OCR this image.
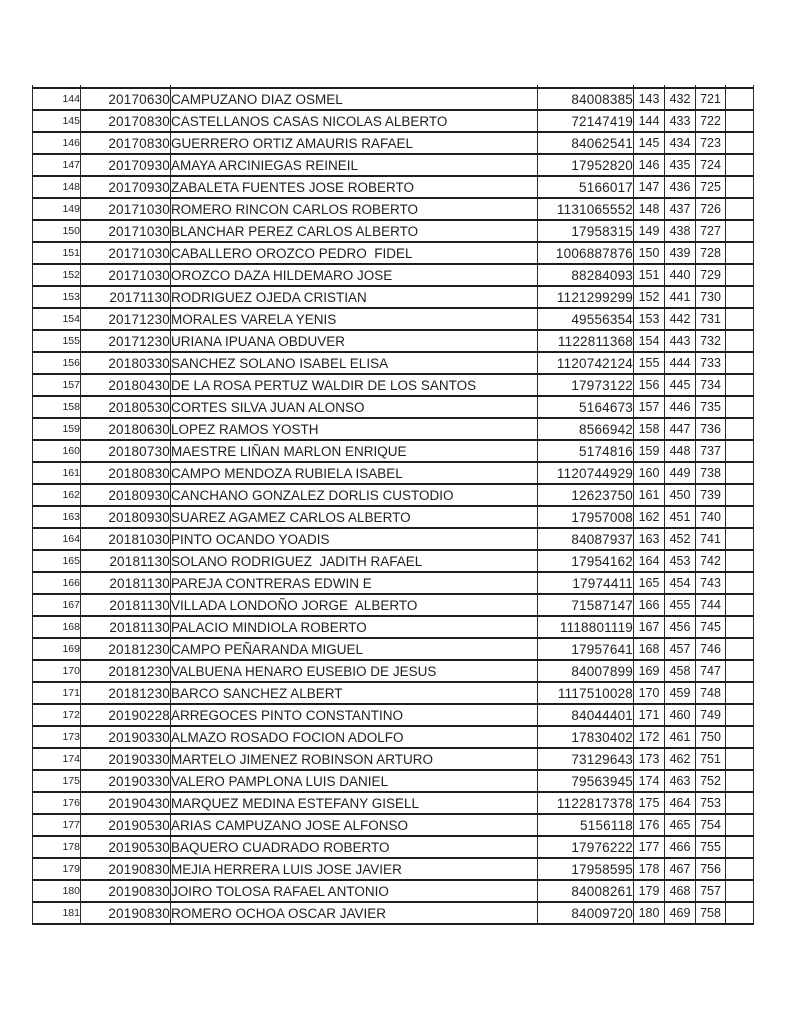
144	20170630	CAMPUZANO DIAZ OSMEL	84008385	143	432	721	
145	20170830	CASTELLANOS CASAS NICOLAS ALBERTO	72147419	144	433	722	
146	20170830	GUERRERO ORTIZ AMAURIS RAFAEL	84062541	145	434	723	
147	20170930	AMAYA ARCINIEGAS REINEIL	17952820	146	435	724	
148	20170930	ZABALETA FUENTES JOSE ROBERTO	5166017	147	436	725	
149	20171030	ROMERO RINCON CARLOS ROBERTO	1131065552	148	437	726	
150	20171030	BLANCHAR PEREZ CARLOS ALBERTO	17958315	149	438	727	
151	20171030	CABALLERO OROZCO PEDRO  FIDEL	1006887876	150	439	728	
152	20171030	OROZCO DAZA HILDEMARO JOSE	88284093	151	440	729	
153	20171130	RODRIGUEZ OJEDA CRISTIAN	1121299299	152	441	730	
154	20171230	MORALES VARELA YENIS	49556354	153	442	731	
155	20171230	URIANA IPUANA OBDUVER	1122811368	154	443	732	
156	20180330	SANCHEZ SOLANO ISABEL ELISA	1120742124	155	444	733	
157	20180430	DE LA ROSA PERTUZ WALDIR DE LOS SANTOS	17973122	156	445	734	
158	20180530	CORTES SILVA JUAN ALONSO	5164673	157	446	735	
159	20180630	LOPEZ RAMOS YOSTH	8566942	158	447	736	
160	20180730	MAESTRE LIÑAN MARLON ENRIQUE	5174816	159	448	737	
161	20180830	CAMPO MENDOZA RUBIELA ISABEL	1120744929	160	449	738	
162	20180930	CANCHANO GONZALEZ DORLIS CUSTODIO	12623750	161	450	739	
163	20180930	SUAREZ AGAMEZ CARLOS ALBERTO	17957008	162	451	740	
164	20181030	PINTO OCANDO YOADIS	84087937	163	452	741	
165	20181130	SOLANO RODRIGUEZ  JADITH RAFAEL	17954162	164	453	742	
166	20181130	PAREJA CONTRERAS EDWIN E	17974411	165	454	743	
167	20181130	VILLADA LONDOÑO JORGE  ALBERTO	71587147	166	455	744	
168	20181130	PALACIO MINDIOLA ROBERTO	1118801119	167	456	745	
169	20181230	CAMPO PEÑARANDA MIGUEL	17957641	168	457	746	
170	20181230	VALBUENA HENARO EUSEBIO DE JESUS	84007899	169	458	747	
171	20181230	BARCO SANCHEZ ALBERT	1117510028	170	459	748	
172	20190228	ARREGOCES PINTO CONSTANTINO	84044401	171	460	749	
173	20190330	ALMAZO ROSADO FOCION ADOLFO	17830402	172	461	750	
174	20190330	MARTELO JIMENEZ ROBINSON ARTURO	73129643	173	462	751	
175	20190330	VALERO PAMPLONA LUIS DANIEL	79563945	174	463	752	
176	20190430	MARQUEZ MEDINA ESTEFANY GISELL	1122817378	175	464	753	
177	20190530	ARIAS CAMPUZANO JOSE ALFONSO	5156118	176	465	754	
178	20190530	BAQUERO CUADRADO ROBERTO	17976222	177	466	755	
179	20190830	MEJIA HERRERA LUIS JOSE JAVIER	17958595	178	467	756	
180	20190830	JOIRO TOLOSA RAFAEL ANTONIO	84008261	179	468	757	
181	20190830	ROMERO OCHOA OSCAR JAVIER	84009720	180	469	758	
